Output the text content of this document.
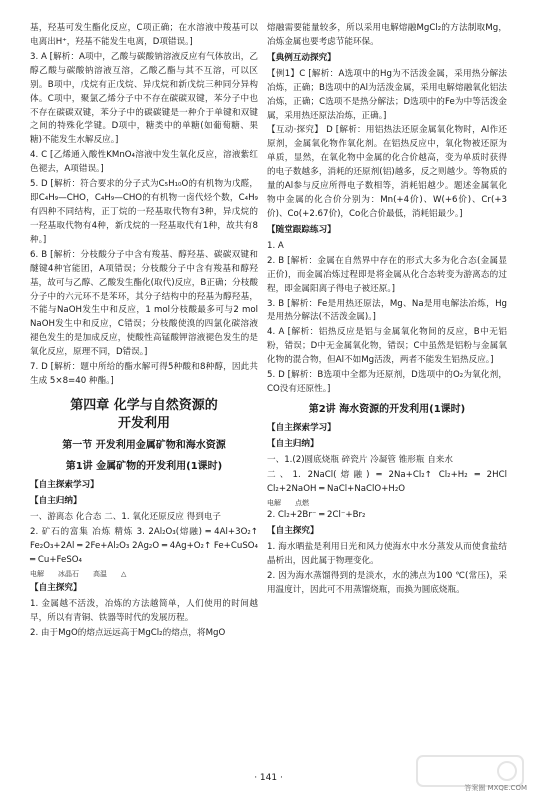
基，羟基可发生酯化反应，C项正确；在水溶液中羧基可以电离出H⁺，羟基不能发生电离，D项错误。]

3. A [解析：A项中，乙酸与碳酸钠溶液反应有气体放出，乙醇乙酸与碳酸钠溶液互溶，乙酸乙酯与其不互溶，可以区别。B项中，戊烷有正戊烷、异戊烷和新戊烷三种同分异构体。C项中，聚氯乙烯分子中不存在碳碳双键，苯分子中也不存在碳碳双键，苯分子中的碳碳键是一种介于单键和双键之间的特殊化学键。D项中，糖类中的单糖(如葡萄糖、果糖)不能发生水解反应。]

4. C [乙烯通入酸性KMnO₄溶液中发生氧化反应，溶液紫红色褪去，A项错误。]

5. D [解析：符合要求的分子式为C₅H₁₀O的有机物为戊醛，即C₄H₉—CHO，C₄H₉—CHO的有机物一卤代烃个数，C₄H₉有四种不同结构，正丁烷的一羟基取代物有3种，异戊烷的一羟基取代物有4种，新戊烷的一羟基取代有1种，故共有8种。]

6. B [解析：分枝酸分子中含有羧基、醇羟基、碳碳双键和醚键4种官能团，A项错误；分枝酸分子中含有羧基和醇羟基，故可与乙醇、乙酸发生酯化(取代)反应，B正确；分枝酸分子中的六元环不是苯环，其分子结构中的羟基为醇羟基，不能与NaOH发生中和反应，1 mol分枝酸最多可与2 mol NaOH发生中和反应，C错误；分枝酸使溴的四氯化碳溶液褪色发生的是加成反应，使酸性高锰酸钾溶液褪色发生的是氧化反应，原理不同，D错误。]

7. D [解析：题中所给的酯水解可得5种酸和8种醇，因此共生成 5×8=40 种酯。]

第四章 化学与自然资源的
开发利用
第一节 开发利用金属矿物和海水资源
第1讲 金属矿物的开发利用(1课时)
【自主探索学习】
【自主归纳】

一、游离态 化合态 二、1. 氧化还原反应 得到电子

2. 矿石的富集 冶炼 精炼 3. 2Al₂O₃(熔融) ═ 4Al+3O₂↑ Fe₂O₃+2Al ═ 2Fe+Al₂O₃ 2Ag₂O ═ 4Ag+O₂↑ Fe+CuSO₄ ═ Cu+FeSO₄

电解 冰晶石 高温 △
【自主探究】

1. 金属越不活泼，冶炼的方法越简单，人们使用的时间越早，所以有青铜、铁器等时代的发展历程。

2. 由于MgO的熔点远远高于MgCl₂的熔点，将MgO

熔融需要能量较多，所以采用电解熔融MgCl₂的方法制取Mg，冶炼金属也要考虑节能环保。

【典例互动探究】

【例1】C [解析：A选项中的Hg为不活泼金属，采用热分解法冶炼，正确；B选项中的Al为活泼金属，采用电解熔融氧化铝法冶炼，正确；C选项不是热分解法；D选项中的Fe为中等活泼金属，采用热还原法冶炼，正确。]

【互动·探究】 D [解析：用铝热法还原金属氧化物时，Al作还原剂，金属氧化物作氧化剂。在铝热反应中，氧化物被还原为单质，显然，在氧化物中金属的化合价越高，变为单质时获得的电子数越多，消耗的还原剂(铝)越多，反之则越少。等物质的量的Al参与反应所得电子数相等，消耗铝越少。题述金属氧化物中金属的化合价分别为：Mn(+4价)、W(+6价)、Cr(+3价)、Co(+2.67价)，Co化合价最低，消耗铝最少。]

【随堂跟踪练习】

1. A

2. B [解析：金属在自然界中存在的形式大多为化合态(金属显正价)，而金属冶炼过程即是将金属从化合态转变为游离态的过程，即金属阳离子得电子被还原。]

3. B [解析：Fe是用热还原法，Mg、Na是用电解法冶炼，Hg是用热分解法(不活泼金属)。]

4. A [解析：铝热反应是铝与金属氧化物间的反应，B中无铝粉，错误；D中无金属氧化物，错误；C中虽然是铝粉与金属氧化物的混合物，但Al不如Mg活泼，两者不能发生铝热反应。]

5. D [解析：B选项中全都为还原剂，D选项中的O₂为氧化剂，CO没有还原性。]

第2讲 海水资源的开发利用(1课时)
【自主探索学习】
【自主归纳】

一、1.(2)圆底烧瓶 碎瓷片 冷凝管 锥形瓶 自来水

二、1. 2NaCl(熔融) ═ 2Na+Cl₂↑ Cl₂+H₂ ═ 2HCl Cl₂+2NaOH ═ NaCl+NaClO+H₂O

电解 点燃

2. Cl₂+2Br⁻ ═ 2Cl⁻+Br₂

【自主探究】

1. 海水晒盐是利用日光和风力使海水中水分蒸发从而使食盐结晶析出，因此属于物理变化。

2. 因为海水蒸馏得到的是淡水，水的沸点为100 ℃(常压)，采用温度计，因此可不用蒸馏烧瓶，而换为圆底烧瓶。

· 141 ·
答案圈 MXQE.COM
